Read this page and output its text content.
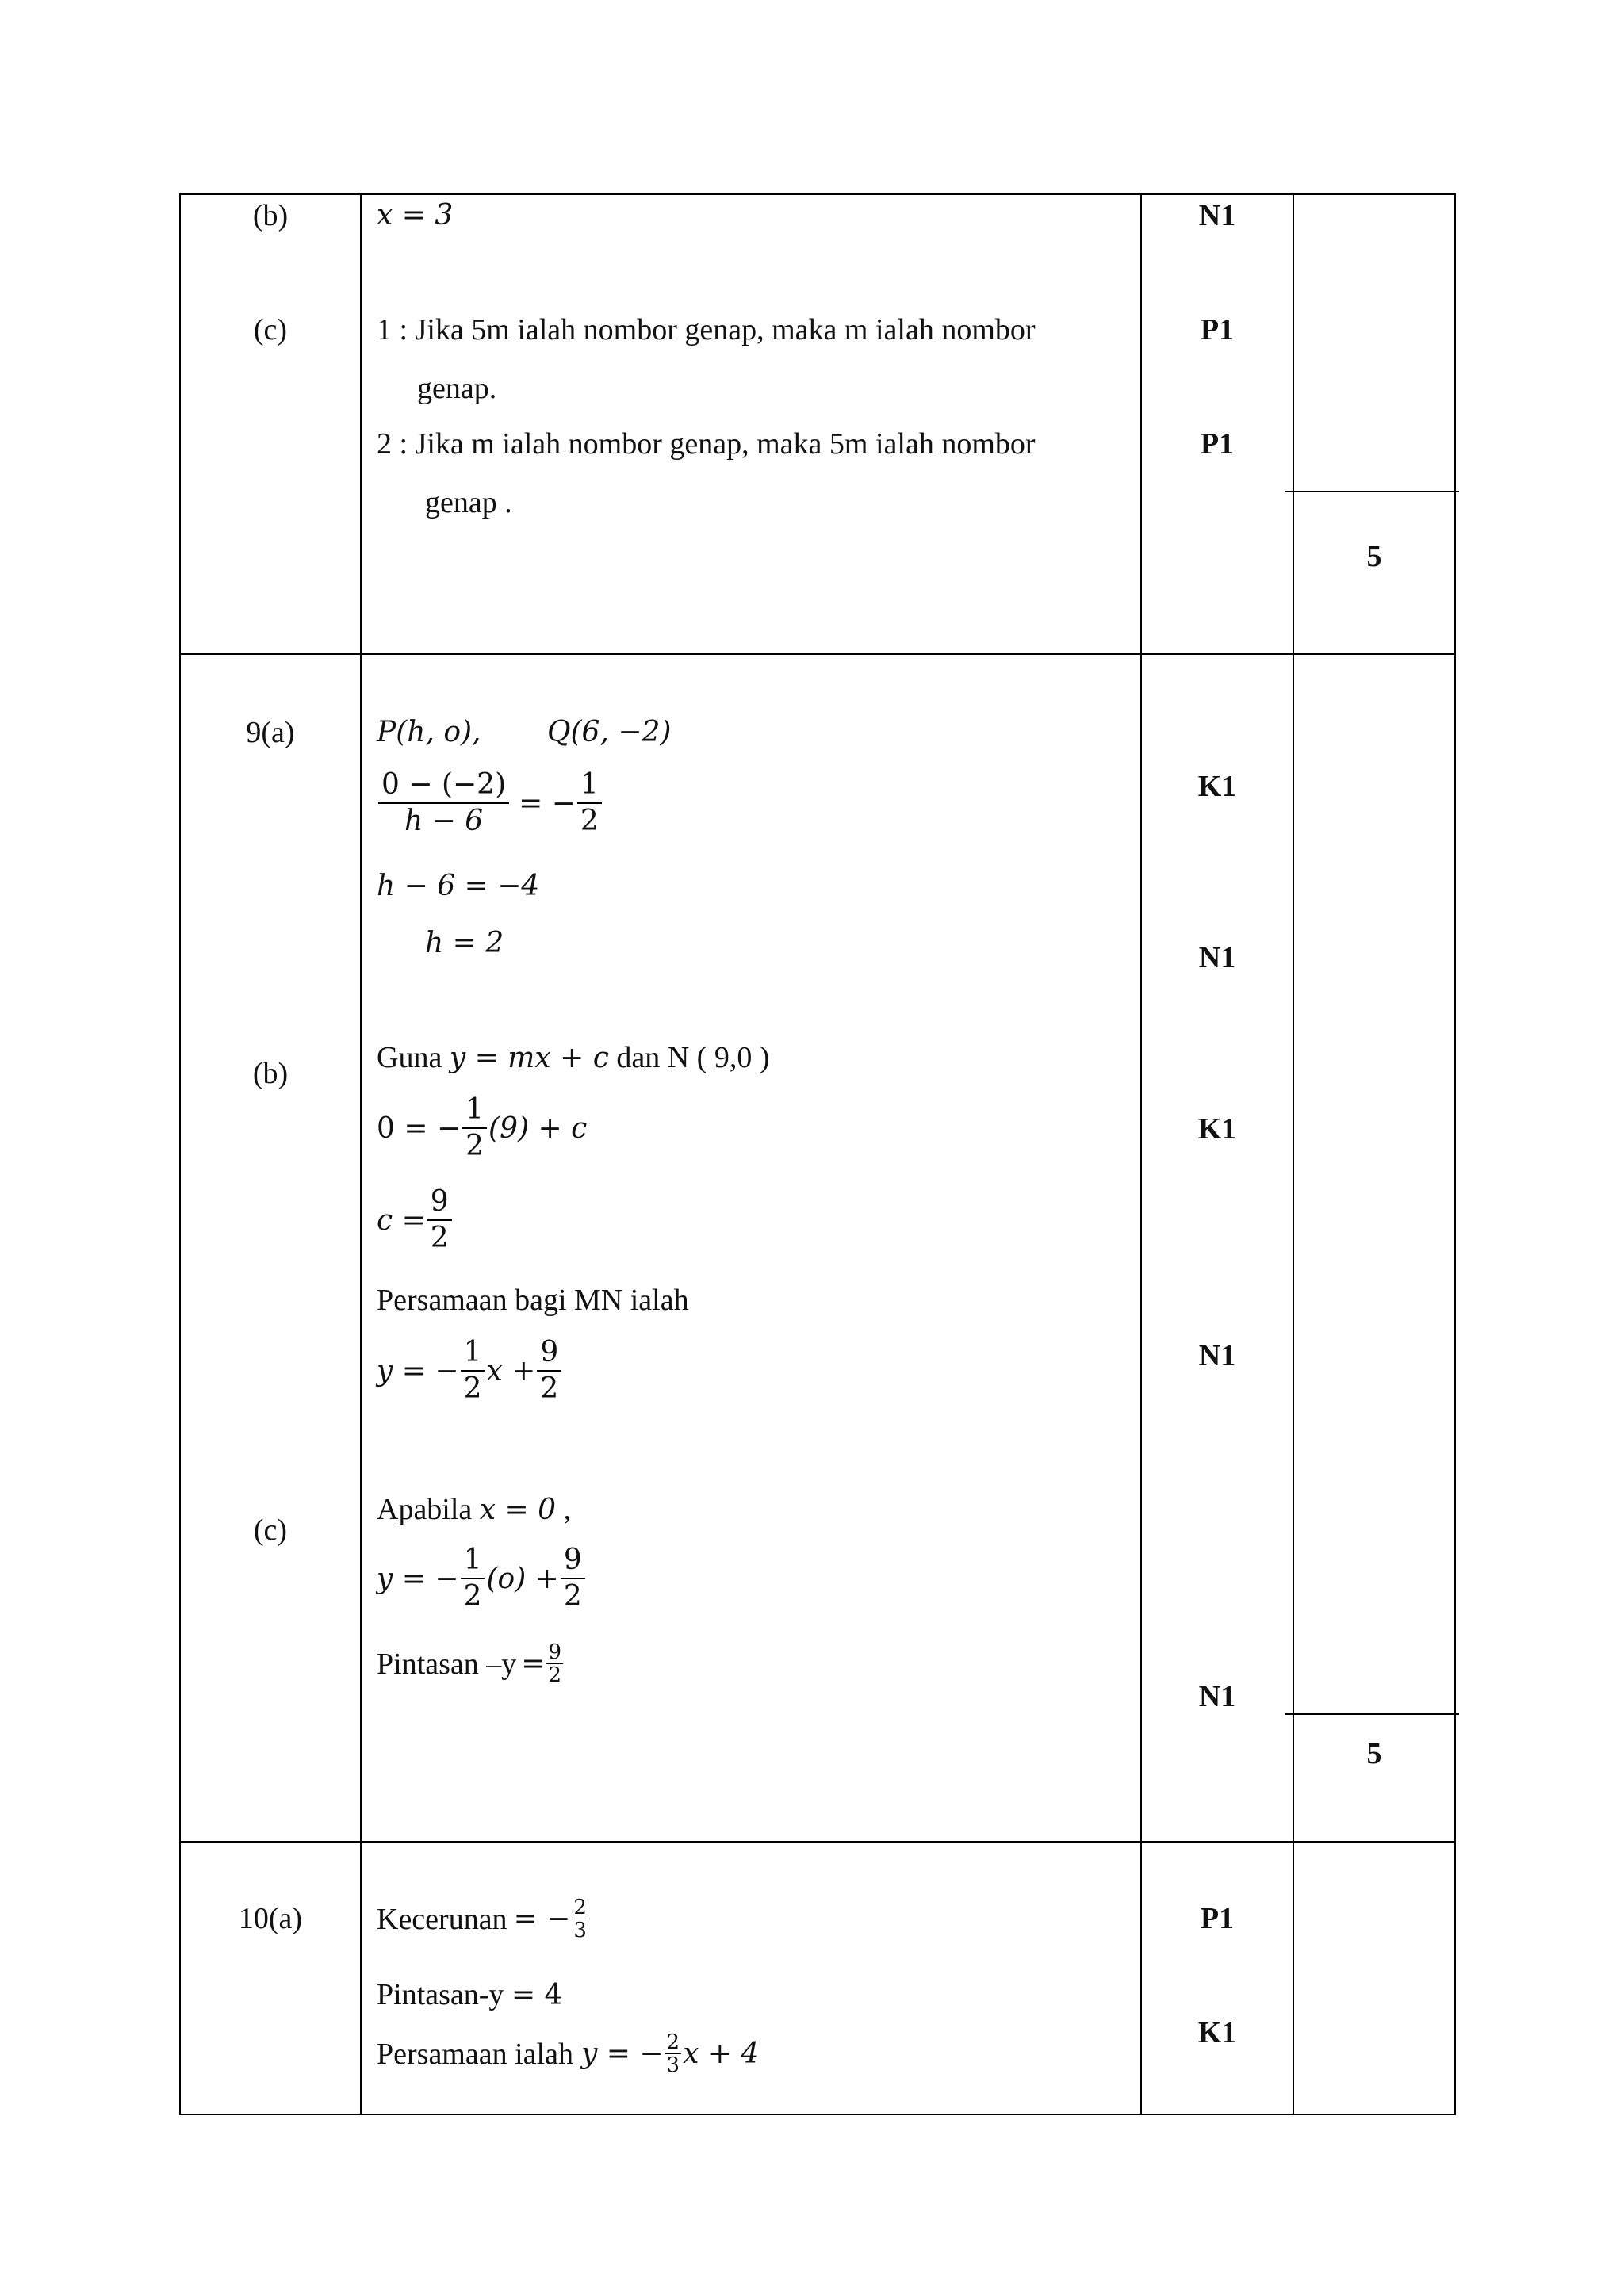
(b)
(c)
x = 3
1 : Jika 5m ialah nombor genap, maka m ialah nombor
genap.
2 : Jika m ialah nombor genap, maka 5m ialah nombor
genap .
N1
P1
P1
5
9(a)
(b)
(c)
P(h, o), Q(6, −2)
$\frac{0 - (-2)}{h - 6}$ = − $\frac{1}{2}$
h − 6 = −4
h = 2
Guna y = mx + c dan N ( 9,0 )
0 = − $\frac{1}{2} (9) + c$
$c = \frac{9}{2}$
Persamaan bagi MN ialah
y = − $\frac{1}{2}$ $x + \frac{9}{2}$
Apabila x = 0 ,
y = − $\frac{1}{2} (o) + \frac{9}{2}$
Pintasan $-y = \frac{9}{2}$
K1
N1
K1
N1
N1
5
10(a)	Kecerunan = − $\frac{2}{3}$
Pintasan-y = 4
Persamaan ialah y = − $\frac{2}{3}$ x + 4
P1
K1
